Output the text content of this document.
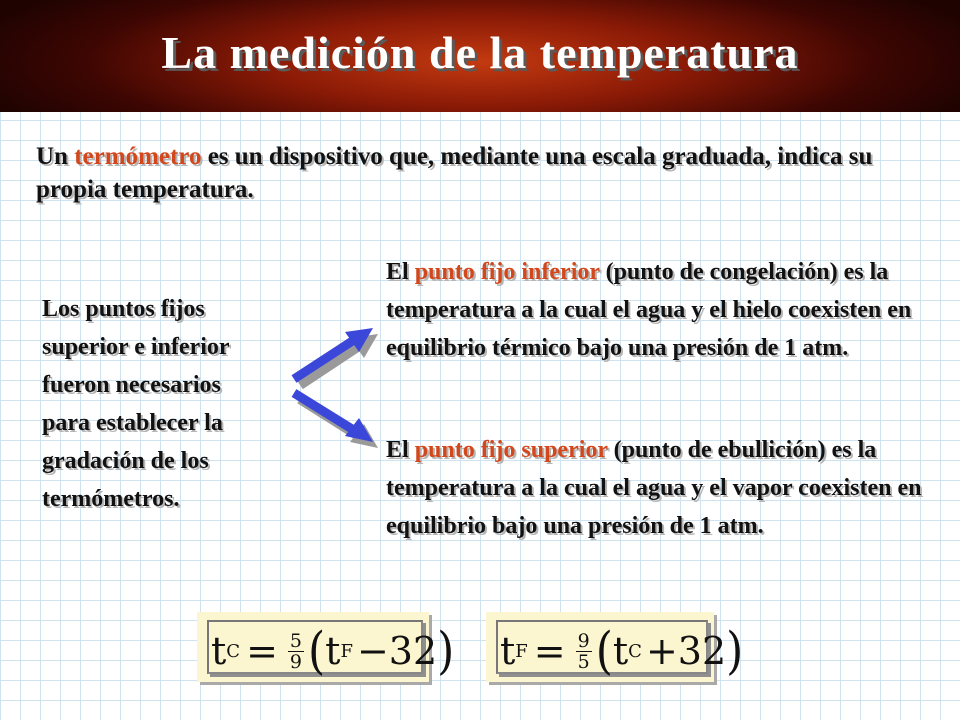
La medición de la temperatura
Un termómetro es un dispositivo que, mediante una escala graduada, indica su propia temperatura.
Los puntos fijos
superior e inferior
fueron necesarios
para establecer la
gradación de los
termómetros.
El punto fijo inferior (punto de congelación) es la temperatura a la cual el agua y el hielo coexisten en equilibrio térmico bajo una presión de 1 atm.
El punto fijo superior (punto de ebullición) es la temperatura a la cual el agua y el vapor coexisten en equilibrio bajo una presión de 1 atm.
t $C = \frac{5}{9}$ ( t F −32 ) t $F = \frac{9}{5}$ ( t C +32 )
